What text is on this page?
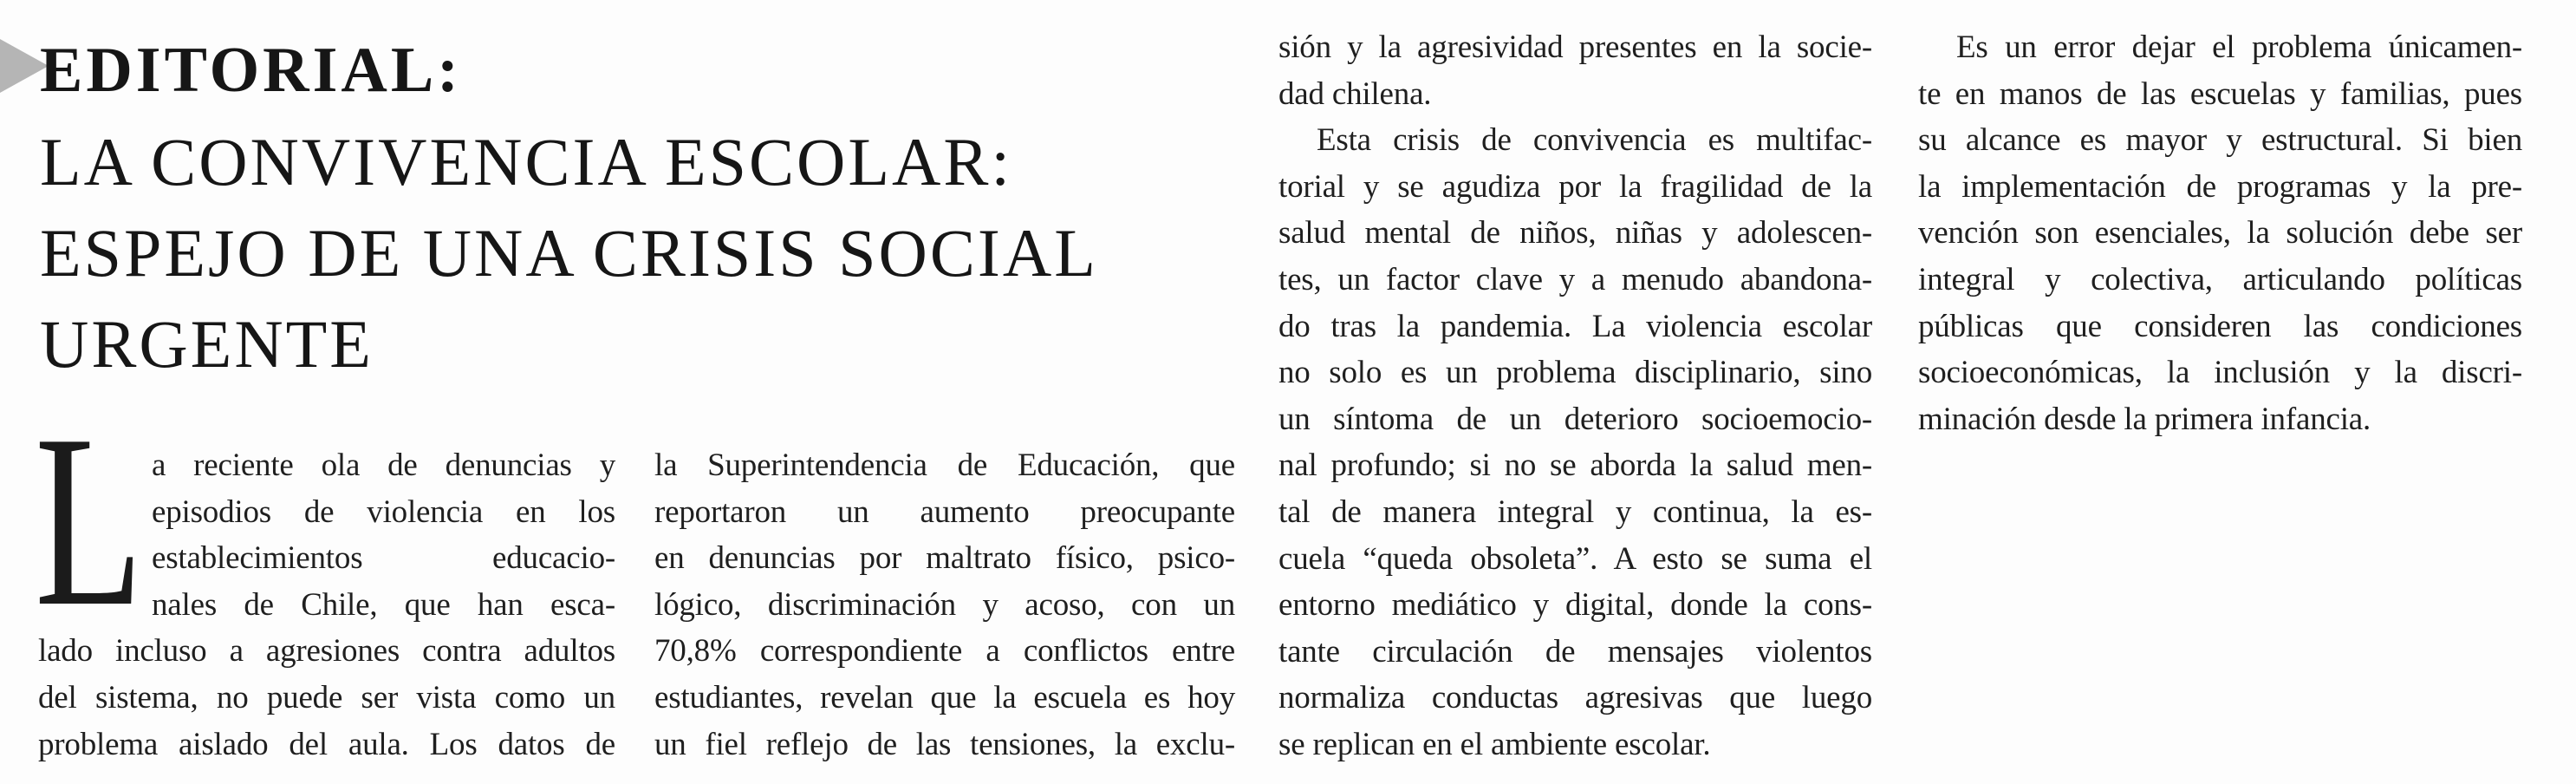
EDITORIAL:
LA CONVIVENCIA ESCOLAR:
ESPEJO DE UNA CRISIS SOCIAL
URGENTE
L a reciente ola de denuncias y
episodios de violencia en los
establecimientos educacio-
nales de Chile, que han esca-
lado incluso a agresiones contra adultos
del sistema, no puede ser vista como un
problema aislado del aula. Los datos de
la Superintendencia de Educación, que
reportaron un aumento preocupante
en denuncias por maltrato físico, psico-
lógico, discriminación y acoso, con un
70,8% correspondiente a conflictos entre
estudiantes, revelan que la escuela es hoy
un fiel reflejo de las tensiones, la exclu-
sión y la agresividad presentes en la socie-
dad chilena.
Esta crisis de convivencia es multifac-
torial y se agudiza por la fragilidad de la
salud mental de niños, niñas y adolescen-
tes, un factor clave y a menudo abandona-
do tras la pandemia. La violencia escolar
no solo es un problema disciplinario, sino
un síntoma de un deterioro socioemocio-
nal profundo; si no se aborda la salud men-
tal de manera integral y continua, la es-
cuela “queda obsoleta”. A esto se suma el
entorno mediático y digital, donde la cons-
tante circulación de mensajes violentos
normaliza conductas agresivas que luego
se replican en el ambiente escolar.
Es un error dejar el problema únicamen-
te en manos de las escuelas y familias, pues
su alcance es mayor y estructural. Si bien
la implementación de programas y la pre-
vención son esenciales, la solución debe ser
integral y colectiva, articulando políticas
públicas que consideren las condiciones
socioeconómicas, la inclusión y la discri-
minación desde la primera infancia.
